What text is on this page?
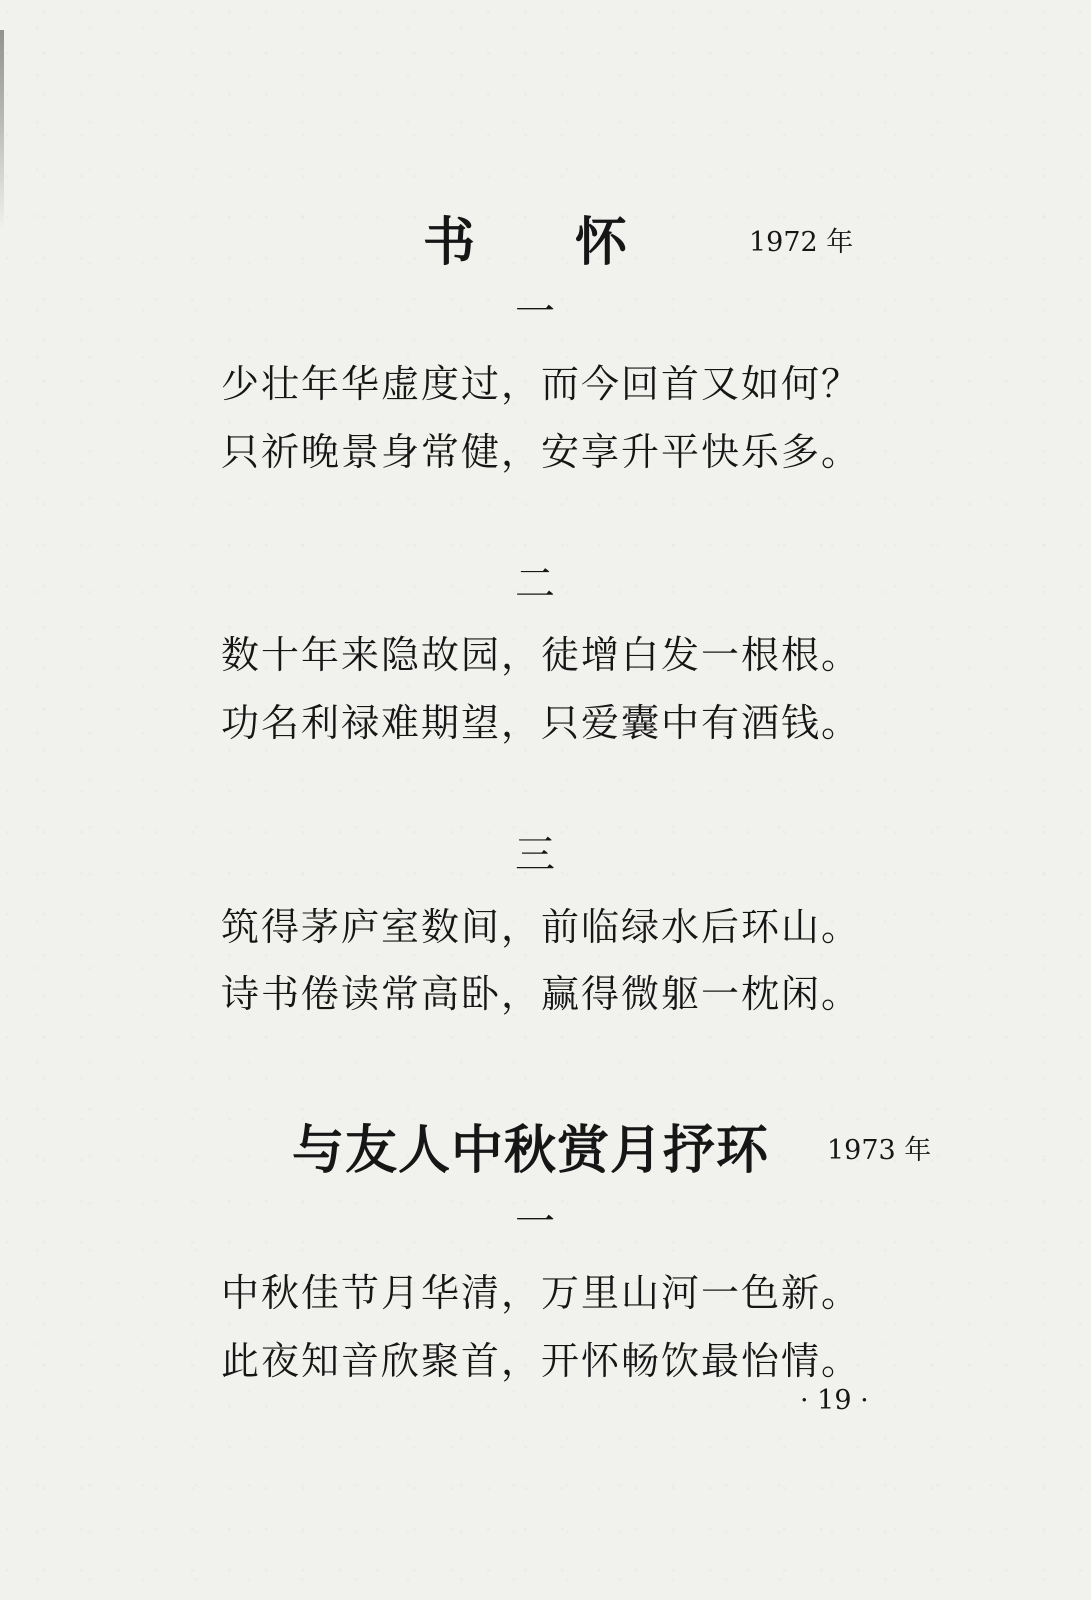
书怀 1972 年
一
少壮年华虚度过，而今回首又如何？
只祈晚景身常健，安享升平快乐多。
二
数十年来隐故园，徒增白发一根根。
功名利禄难期望，只爱囊中有酒钱。
三
筑得茅庐室数间，前临绿水后环山。
诗书倦读常高卧，赢得微躯一枕闲。
与友人中秋赏月抒环 1973 年
一
中秋佳节月华清，万里山河一色新。
此夜知音欣聚首，开怀畅饮最怡情。
· 19 ·
